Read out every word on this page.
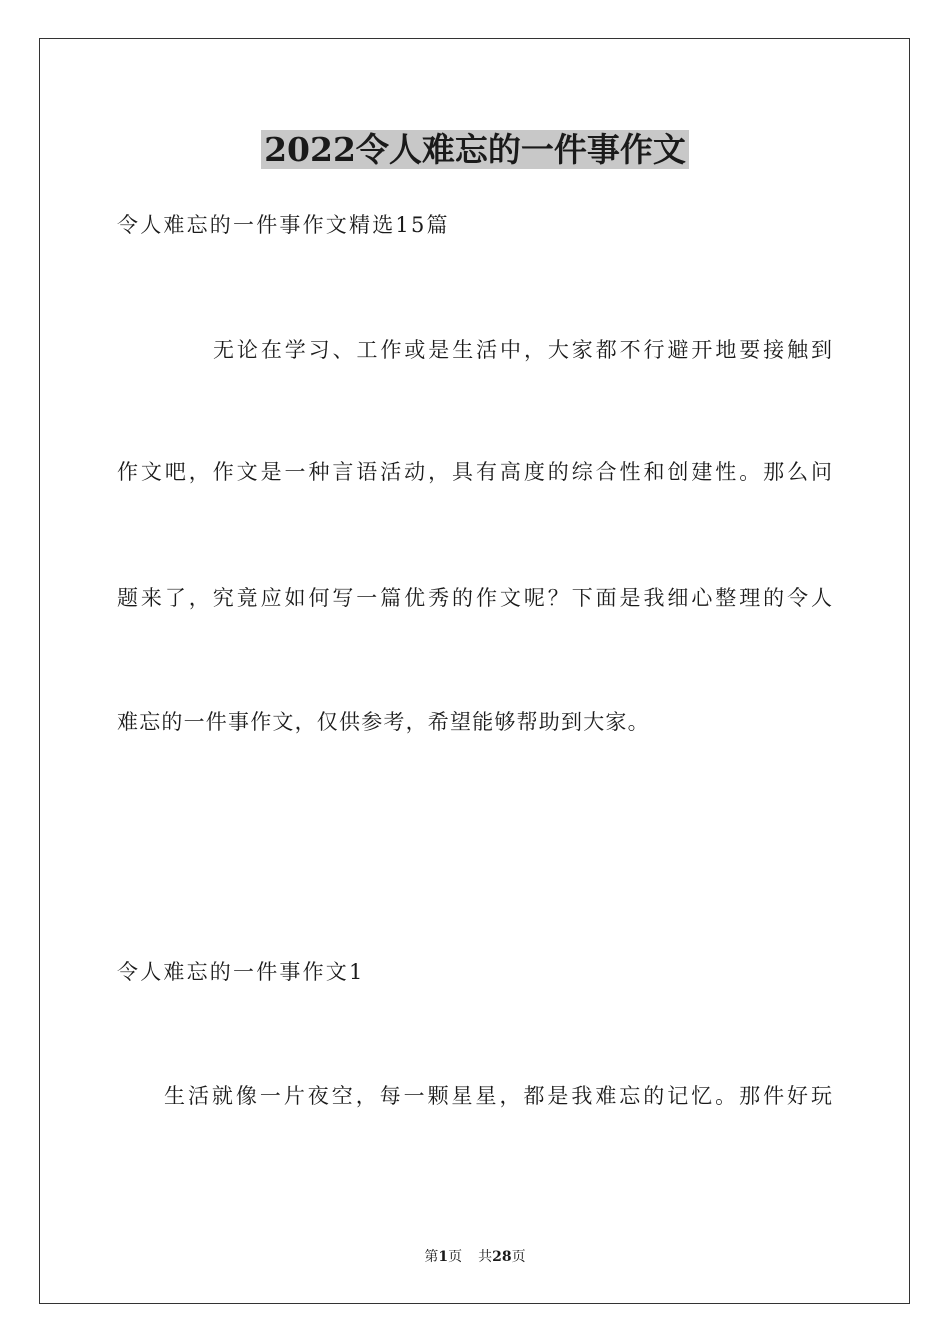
2022令人难忘的一件事作文
令人难忘的一件事作文精选15篇
无论在学习、工作或是生活中，大家都不行避开地要接触到
作文吧，作文是一种言语活动，具有高度的综合性和创建性。那么问
题来了，究竟应如何写一篇优秀的作文呢？下面是我细心整理的令人
难忘的一件事作文，仅供参考，希望能够帮助到大家。
令人难忘的一件事作文1
生活就像一片夜空，每一颗星星，都是我难忘的记忆。那件好玩
第1页 共28页
